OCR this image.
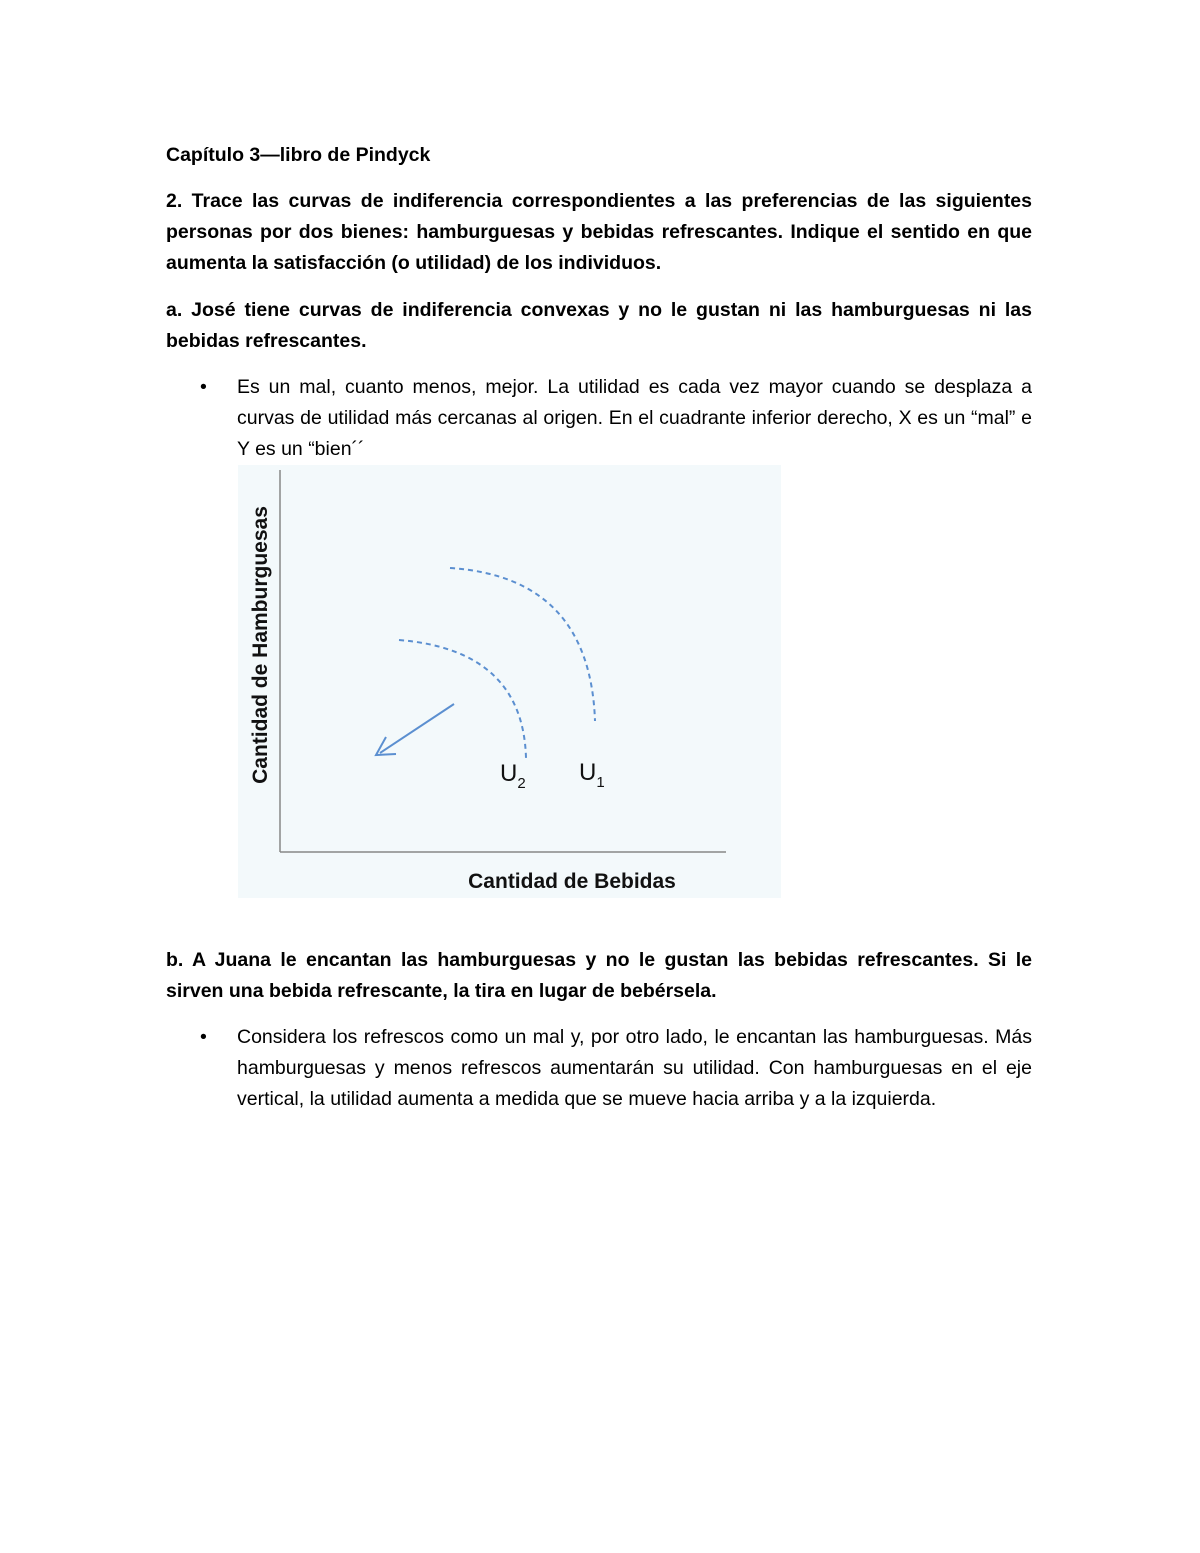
Capítulo 3—libro de Pindyck
2. Trace las curvas de indiferencia correspondientes a las preferencias de las siguientes personas por dos bienes: hamburguesas y bebidas refrescantes. Indique el sentido en que aumenta la satisfacción (o utilidad) de los individuos.
a. José tiene curvas de indiferencia convexas y no le gustan ni las hamburguesas ni las bebidas refrescantes.
• Es un mal, cuanto menos, mejor. La utilidad es cada vez mayor cuando se desplaza a curvas de utilidad más cercanas al origen. En el cuadrante inferior derecho, X es un “mal” e Y es un “bien´´
Cantidad de Hamburguesas
Cantidad de Bebidas
$U_2$ $U_1$
b. A Juana le encantan las hamburguesas y no le gustan las bebidas refrescantes. Si le sirven una bebida refrescante, la tira en lugar de bebérsela.
• Considera los refrescos como un mal y, por otro lado, le encantan las hamburguesas. Más hamburguesas y menos refrescos aumentarán su utilidad. Con hamburguesas en el eje vertical, la utilidad aumenta a medida que se mueve hacia arriba y a la izquierda.
